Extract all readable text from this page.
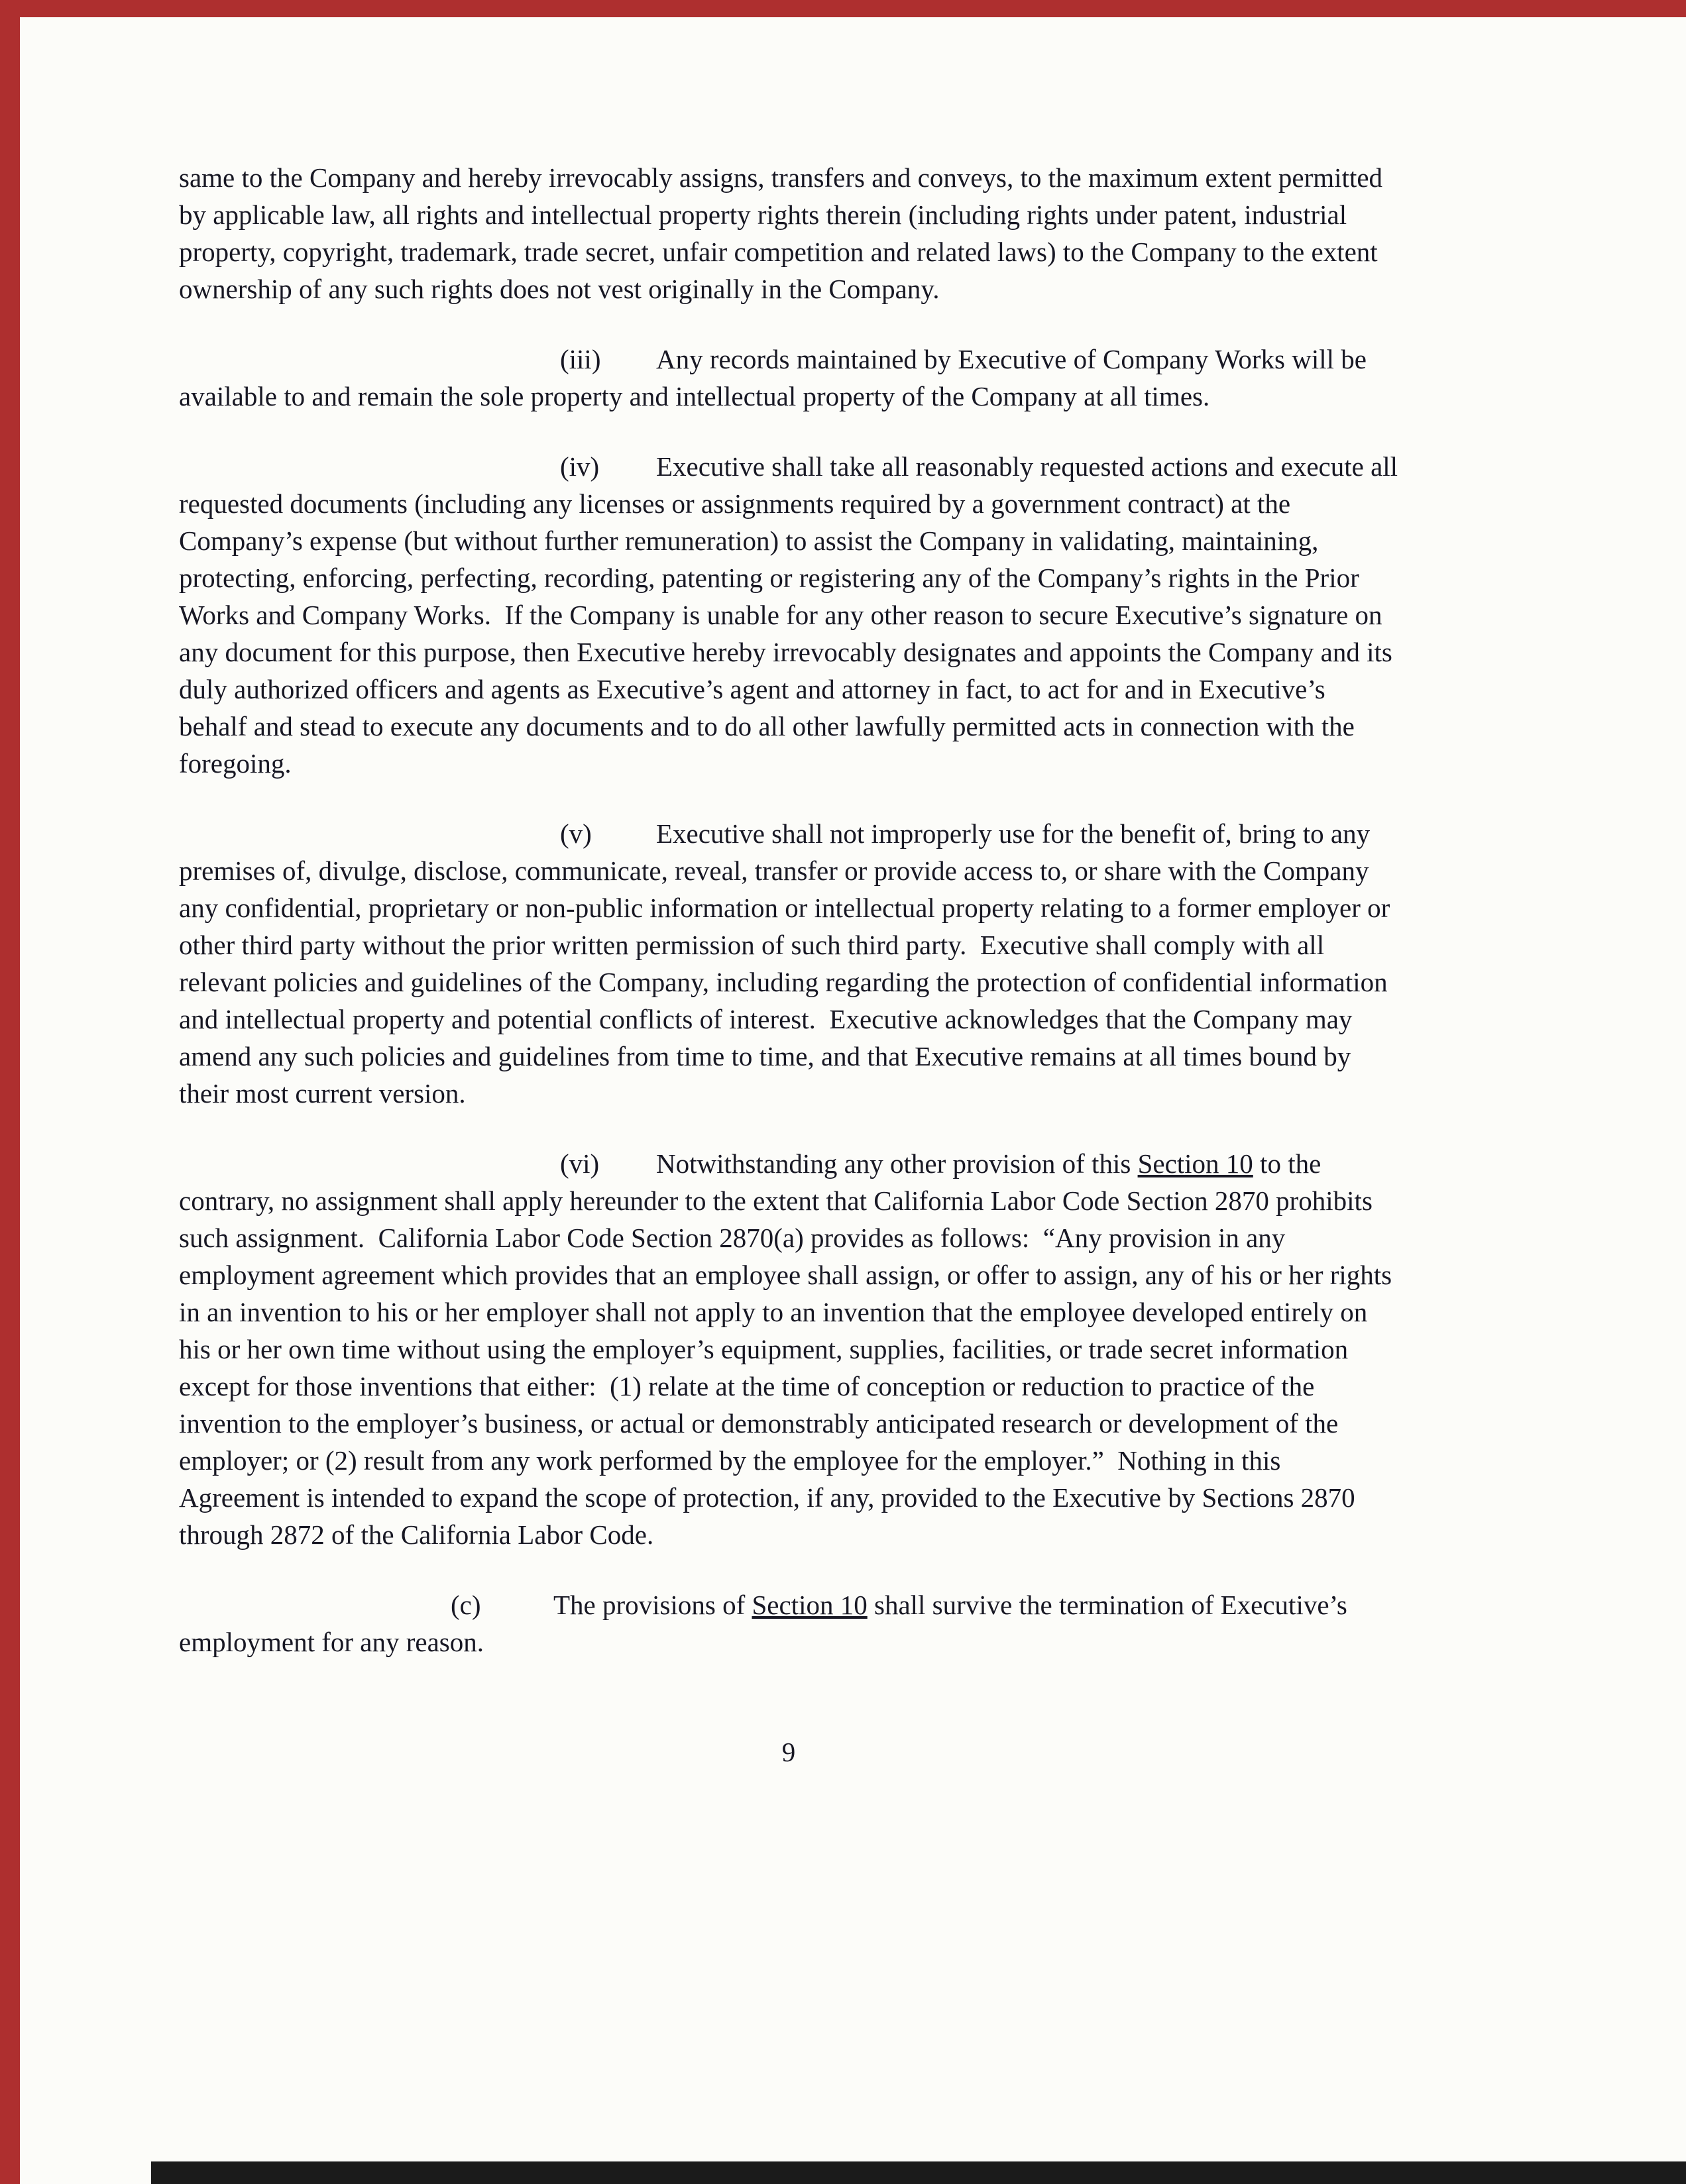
same to the Company and hereby irrevocably assigns, transfers and conveys, to the maximum extent permitted by applicable law, all rights and intellectual property rights therein (including rights under patent, industrial property, copyright, trademark, trade secret, unfair competition and related laws) to the Company to the extent ownership of any such rights does not vest originally in the Company.

(iii) Any records maintained by Executive of Company Works will be available to and remain the sole property and intellectual property of the Company at all times.

(iv) Executive shall take all reasonably requested actions and execute all requested documents (including any licenses or assignments required by a government contract) at the Company’s expense (but without further remuneration) to assist the Company in validating, maintaining, protecting, enforcing, perfecting, recording, patenting or registering any of the Company’s rights in the Prior Works and Company Works.  If the Company is unable for any other reason to secure Executive’s signature on any document for this purpose, then Executive hereby irrevocably designates and appoints the Company and its duly authorized officers and agents as Executive’s agent and attorney in fact, to act for and in Executive’s behalf and stead to execute any documents and to do all other lawfully permitted acts in connection with the foregoing.

(v) Executive shall not improperly use for the benefit of, bring to any premises of, divulge, disclose, communicate, reveal, transfer or provide access to, or share with the Company any confidential, proprietary or non-public information or intellectual property relating to a former employer or other third party without the prior written permission of such third party.  Executive shall comply with all relevant policies and guidelines of the Company, including regarding the protection of confidential information and intellectual property and potential conflicts of interest.  Executive acknowledges that the Company may amend any such policies and guidelines from time to time, and that Executive remains at all times bound by their most current version.

(vi) Notwithstanding any other provision of this Section 10 to the contrary, no assignment shall apply hereunder to the extent that California Labor Code Section 2870 prohibits such assignment.  California Labor Code Section 2870(a) provides as follows:  “Any provision in any employment agreement which provides that an employee shall assign, or offer to assign, any of his or her rights in an invention to his or her employer shall not apply to an invention that the employee developed entirely on his or her own time without using the employer’s equipment, supplies, facilities, or trade secret information except for those inventions that either:  (1) relate at the time of conception or reduction to practice of the invention to the employer’s business, or actual or demonstrably anticipated research or development of the employer; or (2) result from any work performed by the employee for the employer.”  Nothing in this Agreement is intended to expand the scope of protection, if any, provided to the Executive by Sections 2870 through 2872 of the California Labor Code.

(c)	The provisions of Section 10 shall survive the termination of Executive’s employment for any reason.

9
